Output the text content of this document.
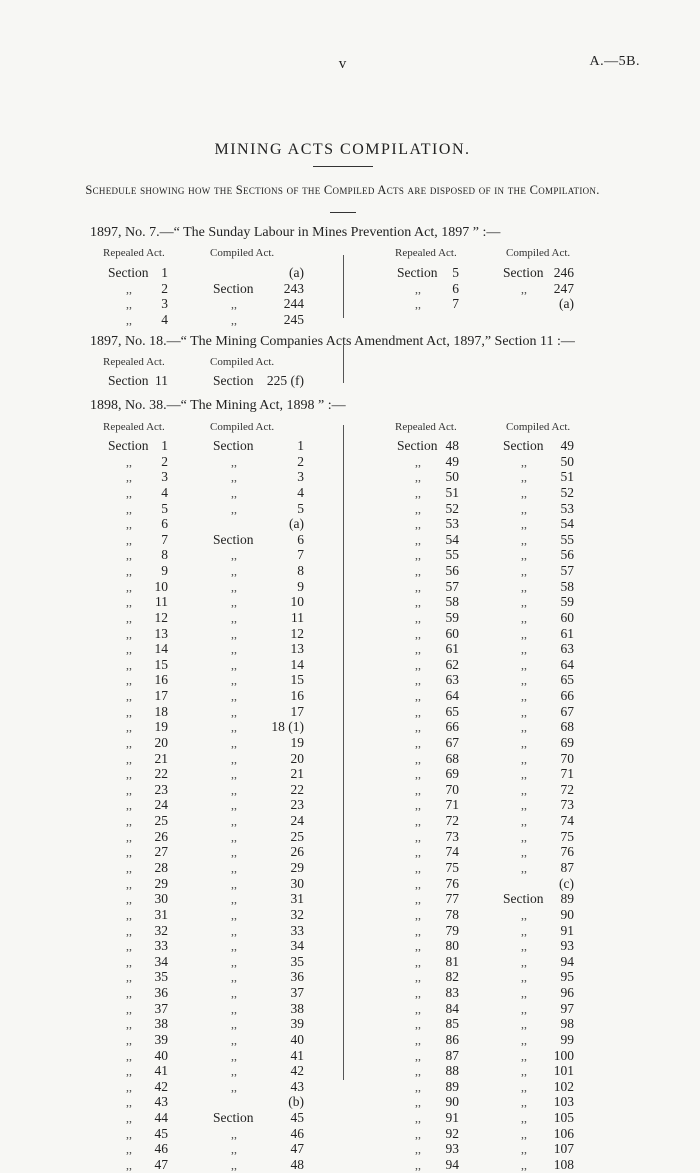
v	A.—5B.
MINING ACTS COMPILATION.
Schedule showing how the Sections of the Compiled Acts are disposed of in the Compilation.
1897, No. 7.—“ The Sunday Labour in Mines Prevention Act, 1897 ” :—
Repealed Act.	Compiled Act.	Repealed Act.	Compiled Act.
Section 1	(a)
,,	2	Section	243
,,	3	,,	244
,,	4	,,	245
Section	5	Section 246
,,	6	,,	247
,,	7	(a)
1897, No. 18.—“ The Mining Companies Acts Amendment Act, 1897,” Section 11 :—
Repealed Act.	Compiled Act.
Section 11	Section 225 (f)
1898, No. 38.—“ The Mining Act, 1898 ” :—
Repealed Act.	Compiled Act.	Repealed Act.	Compiled Act.
Section 1	Section	1
,,	2	,,	2
,,	3	,,	3
,,	4	,,	4
,,	5	,,	5
,,	6	(a)
,,	7	Section	6
,,	8	,,	7
,,	9	,,	8
,,	10	,,	9
,,	11	,,	10
,,	12	,,	11
,,	13	,,	12
,,	14	,,	13
,,	15	,,	14
,,	16	,,	15
,,	17	,,	16
,,	18	,,	17
,,	19	,,	18 (1)
,,	20	,,	19
,,	21	,,	20
,,	22	,,	21
,,	23	,,	22
,,	24	,,	23
,,	25	,,	24
,,	26	,,	25
,,	27	,,	26
,,	28	,,	29
,,	29	,,	30
,,	30	,,	31
,,	31	,,	32
,,	32	,,	33
,,	33	,,	34
,,	34	,,	35
,,	35	,,	36
,,	36	,,	37
,,	37	,,	38
,,	38	,,	39
,,	39	,,	40
,,	40	,,	41
,,	41	,,	42
,,	42	,,	43
,,	43	(b)
,,	44	Section	45
,,	45	,,	46
,,	46	,,	47
,,	47	,,	48
Section 48	Section	49
,,	49	,,	50
,,	50	,,	51
,,	51	,,	52
,,	52	,,	53
,,	53	,,	54
,,	54	,,	55
,,	55	,,	56
,,	56	,,	57
,,	57	,,	58
,,	58	,,	59
,,	59	,,	60
,,	60	,,	61
,,	61	,,	63
,,	62	,,	64
,,	63	,,	65
,,	64	,,	66
,,	65	,,	67
,,	66	,,	68
,,	67	,,	69
,,	68	,,	70
,,	69	,,	71
,,	70	,,	72
,,	71	,,	73
,,	72	,,	74
,,	73	,,	75
,,	74	,,	76
,,	75	,,	87
,,	76	(c)
,,	77	Section	89
,,	78	,,	90
,,	79	,,	91
,,	80	,,	93
,,	81	,,	94
,,	82	,,	95
,,	83	,,	96
,,	84	,,	97
,,	85	,,	98
,,	86	,,	99
,,	87	,,	100
,,	88	,,	101
,,	89	,,	102
,,	90	,,	103
,,	91	,,	105
,,	92	,,	106
,,	93	,,	107
,,	94	,,	108
